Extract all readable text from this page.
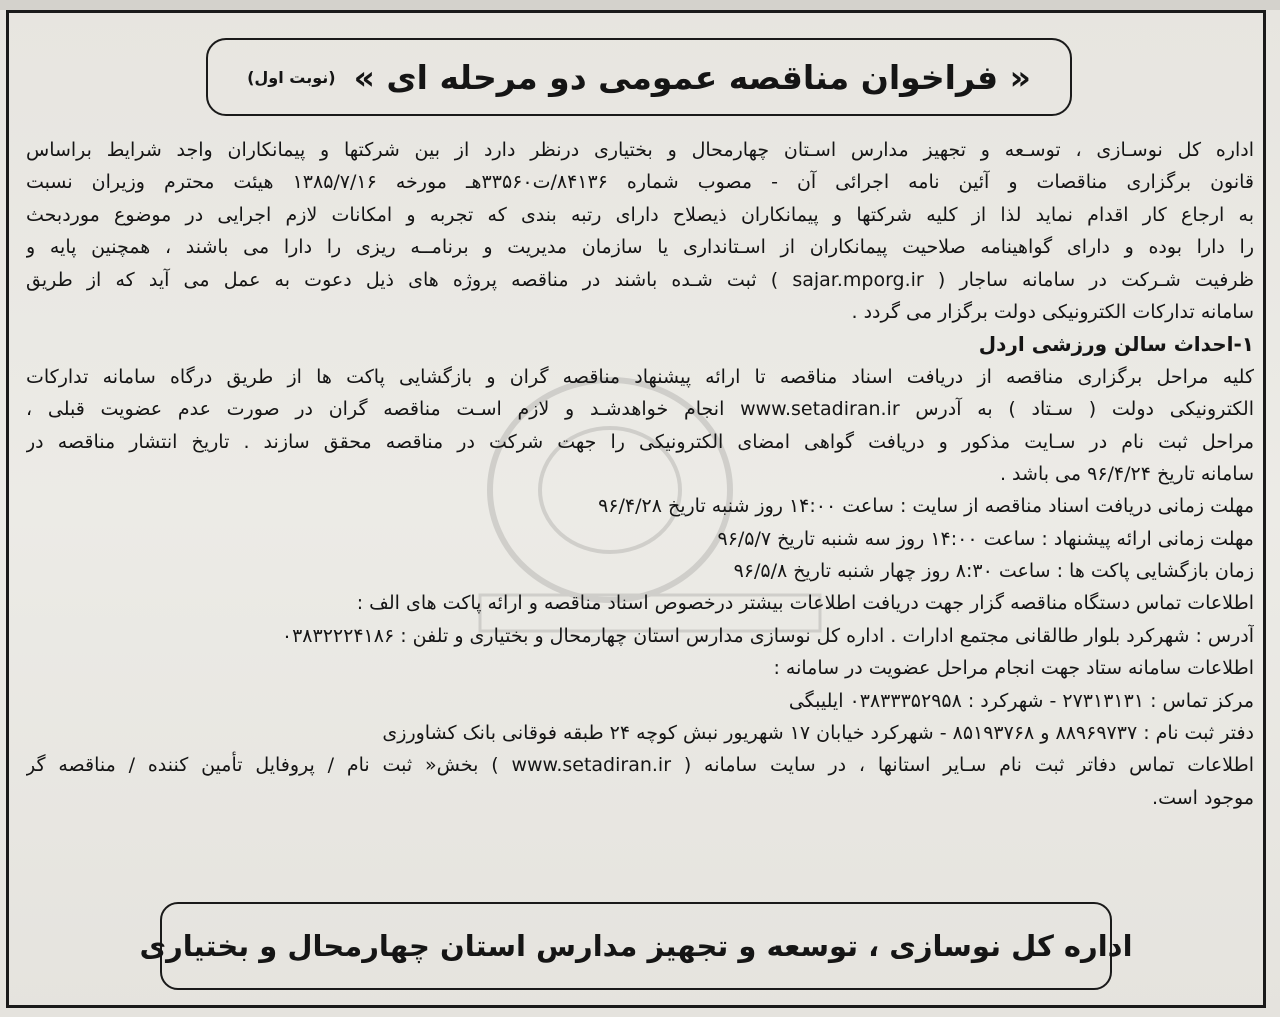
« فراخوان مناقصه عمومی دو مرحله ای »
(نوبت اول)
اداره کل نوسـازی ، توسـعه و تجهیز مدارس اسـتان چهارمحال و بختیاری درنظر دارد از بین شرکتها و پیمانکاران واجد شرایط براساس
قانون برگزاری مناقصات و آئین نامه اجرائی آن - مصوب شماره ۸۴۱۳۶/ت۳۳۵۶۰هـ مورخه ۱۳۸۵/۷/۱۶ هیئت محترم وزیران نسبت
به ارجاع کار اقدام نماید لذا از کلیه شرکتها و پیمانکاران ذیصلاح دارای رتبه بندی که تجربه و امکانات لازم اجرایی در موضوع موردبحث
را دارا بوده و دارای گواهینامه صلاحیت پیمانکاران از اسـتانداری یا سازمان مدیریت و برنامــه ریزی را دارا می باشند ، همچنین پایه و
ظرفیت شـرکت در سامانه ساجار ( sajar.mporg.ir ) ثبت شـده باشند در مناقصه پروژه های ذیل دعوت به عمل می آید که از طریق
سامانه تدارکات الکترونیکی دولت برگزار می گردد .
۱-احداث سالن ورزشی اردل
کلیه مراحل برگزاری مناقصه از دریافت اسناد مناقصه تا ارائه پیشنهاد مناقصه گران و بازگشایی پاکت ها از طریق درگاه سامانه تدارکات
الکترونیکی دولت ( سـتاد ) به آدرس www.setadiran.ir انجام خواهدشـد و لازم اسـت مناقصه گران در صورت عدم عضویت قبلی ،
مراحل ثبت نام در سـایت مذکور و دریافت گواهی امضای الکترونیکی را جهت شرکت در مناقصه محقق سازند . تاریخ انتشار مناقصه در
سامانه تاریخ ۹۶/۴/۲۴ می باشد .
مهلت زمانی دریافت اسناد مناقصه از سایت : ساعت ۱۴:۰۰ روز شنبه تاریخ ۹۶/۴/۲۸
مهلت زمانی ارائه پیشنهاد : ساعت ۱۴:۰۰ روز سه شنبه تاریخ ۹۶/۵/۷
زمان بازگشایی پاکت ها : ساعت ۸:۳۰ روز چهار شنبه تاریخ ۹۶/۵/۸
اطلاعات تماس دستگاه مناقصه گزار جهت دریافت اطلاعات بیشتر درخصوص اسناد مناقصه و ارائه پاکت های الف :
آدرس : شهرکرد بلوار طالقانی مجتمع ادارات . اداره کل نوسازی مدارس استان چهارمحال و بختیاری و تلفن : ۰۳۸۳۲۲۲۴۱۸۶
اطلاعات سامانه ستاد جهت انجام مراحل عضویت در سامانه :
مرکز تماس : ۲۷۳۱۳۱۳۱ - شهرکرد : ۰۳۸۳۳۳۵۲۹۵۸ ایلیبگی
دفتر ثبت نام : ۸۸۹۶۹۷۳۷ و ۸۵۱۹۳۷۶۸ - شهرکرد خیابان ۱۷ شهریور نبش کوچه ۲۴ طبقه فوقانی بانک کشاورزی
اطلاعات تماس دفاتر ثبت نام سـایر استانها ، در سایت سامانه ( www.setadiran.ir ) بخش« ثبت نام / پروفایل تأمین کننده / مناقصه گر
موجود است.
اداره کل نوسازی ، توسعه و تجهیز مدارس استان چهارمحال و بختیاری
